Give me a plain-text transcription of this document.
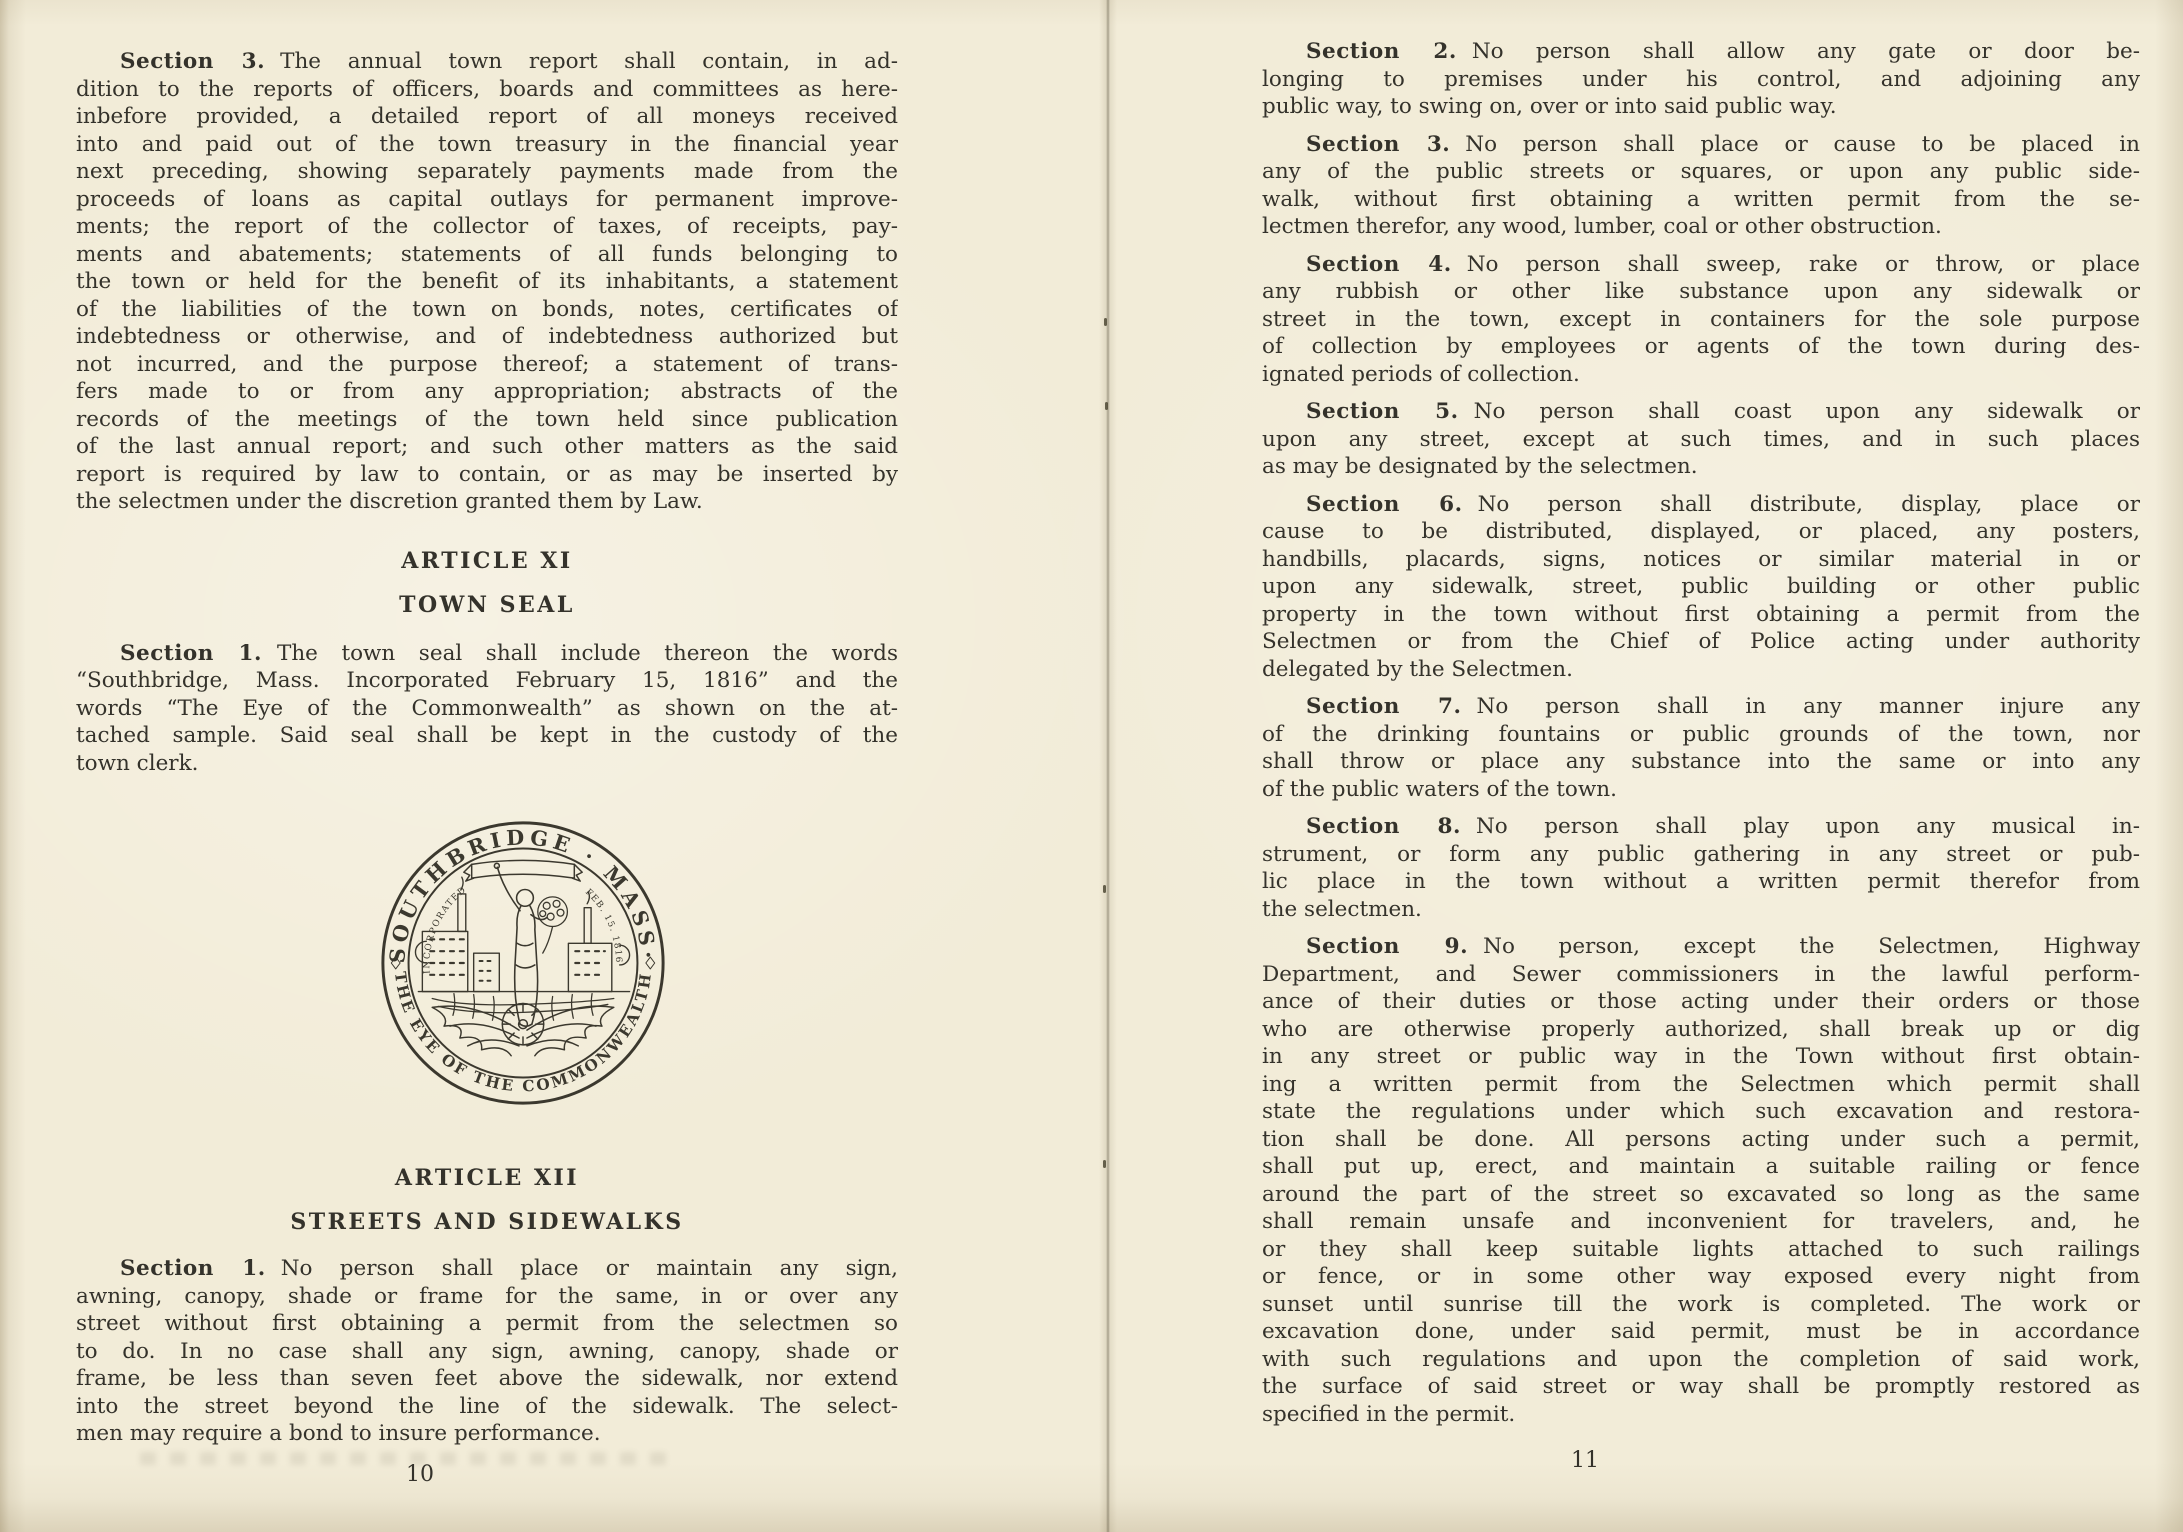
Section 3. The annual town report shall contain, in ad-
dition to the reports of officers, boards and committees as here-
inbefore provided, a detailed report of all moneys received
into and paid out of the town treasury in the financial year
next preceding, showing separately payments made from the
proceeds of loans as capital outlays for permanent improve-
ments; the report of the collector of taxes, of receipts, pay-
ments and abatements; statements of all funds belonging to
the town or held for the benefit of its inhabitants, a statement
of the liabilities of the town on bonds, notes, certificates of
indebtedness or otherwise, and of indebtedness authorized but
not incurred, and the purpose thereof; a statement of trans-
fers made to or from any appropriation; abstracts of the
records of the meetings of the town held since publication
of the last annual report; and such other matters as the said
report is required by law to contain, or as may be inserted by
the selectmen under the discretion granted them by Law.
ARTICLE XI
TOWN SEAL
Section 1. The town seal shall include thereon the words
“Southbridge, Mass. Incorporated February 15, 1816” and the
words “The Eye of the Commonwealth” as shown on the at-
tached sample. Said seal shall be kept in the custody of the
town clerk.
SOUTHBRIDGE · MASS·
THE EYE OF THE COMMONWEALTH
INCORPORATED	FEB. 15. 1816
ARTICLE XII
STREETS AND SIDEWALKS
Section 1. No person shall place or maintain any sign,
awning, canopy, shade or frame for the same, in or over any
street without first obtaining a permit from the selectmen so
to do. In no case shall any sign, awning, canopy, shade or
frame, be less than seven feet above the sidewalk, nor extend
into the street beyond the line of the sidewalk. The select-
men may require a bond to insure performance.
Section 2. No person shall allow any gate or door be-
longing to premises under his control, and adjoining any
public way, to swing on, over or into said public way.
Section 3. No person shall place or cause to be placed in
any of the public streets or squares, or upon any public side-
walk, without first obtaining a written permit from the se-
lectmen therefor, any wood, lumber, coal or other obstruction.
Section 4. No person shall sweep, rake or throw, or place
any rubbish or other like substance upon any sidewalk or
street in the town, except in containers for the sole purpose
of collection by employees or agents of the town during des-
ignated periods of collection.
Section 5. No person shall coast upon any sidewalk or
upon any street, except at such times, and in such places
as may be designated by the selectmen.
Section 6. No person shall distribute, display, place or
cause to be distributed, displayed, or placed, any posters,
handbills, placards, signs, notices or similar material in or
upon any sidewalk, street, public building or other public
property in the town without first obtaining a permit from the
Selectmen or from the Chief of Police acting under authority
delegated by the Selectmen.
Section 7. No person shall in any manner injure any
of the drinking fountains or public grounds of the town, nor
shall throw or place any substance into the same or into any
of the public waters of the town.
Section 8. No person shall play upon any musical in-
strument, or form any public gathering in any street or pub-
lic place in the town without a written permit therefor from
the selectmen.
Section 9. No person, except the Selectmen, Highway
Department, and Sewer commissioners in the lawful perform-
ance of their duties or those acting under their orders or those
who are otherwise properly authorized, shall break up or dig
in any street or public way in the Town without first obtain-
ing a written permit from the Selectmen which permit shall
state the regulations under which such excavation and restora-
tion shall be done. All persons acting under such a permit,
shall put up, erect, and maintain a suitable railing or fence
around the part of the street so excavated so long as the same
shall remain unsafe and inconvenient for travelers, and, he
or they shall keep suitable lights attached to such railings
or fence, or in some other way exposed every night from
sunset until sunrise till the work is completed. The work or
excavation done, under said permit, must be in accordance
with such regulations and upon the completion of said work,
the surface of said street or way shall be promptly restored as
specified in the permit.
10
11
